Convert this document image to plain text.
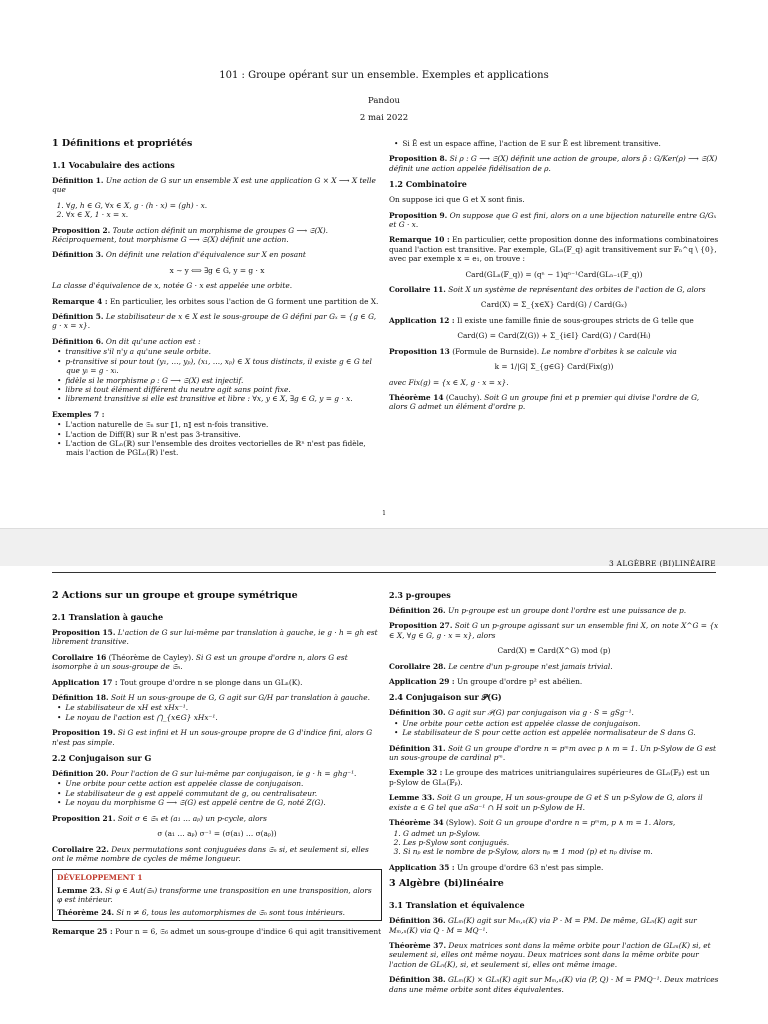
101 : Groupe opérant sur un ensemble. Exemples et applications
Pandou
2 mai 2022
1 Définitions et propriétés
1.1 Vocabulaire des actions

Définition 1. Une action de G sur un ensemble X est une application G × X ⟶ X telle que

1. ∀g, h ∈ G, ∀x ∈ X, g · (h · x) = (gh) · x.
2. ∀x ∈ X, 1 · x = x.

Proposition 2. Toute action définit un morphisme de groupes G ⟶ 𝔖(X). Réciproquement, tout morphisme G ⟶ 𝔖(X) définit une action.

Définition 3. On définit une relation d'équivalence sur X en posant

x ∼ y ⟺ ∃g ∈ G, y = g · x

La classe d'équivalence de x, notée G · x est appelée une orbite.

Remarque 4 : En particulier, les orbites sous l'action de G forment une partition de X.

Définition 5. Le stabilisateur de x ∈ X est le sous-groupe de G défini par Gₓ = {g ∈ G, g · x = x}.

Définition 6. On dit qu'une action est :

• transitive s'il n'y a qu'une seule orbite.
• p-transitive si pour tout (y₁, …, yₚ), (x₁, …, xₚ) ∈ X tous distincts, il existe g ∈ G tel que yᵢ = g · xᵢ.
• fidèle si le morphisme ρ : G ⟶ 𝔖(X) est injectif.
• libre si tout élément différent du neutre agit sans point fixe.
• librement transitive si elle est transitive et libre : ∀x, y ∈ X, ∃g ∈ G, y = g · x.

Exemples 7 :

• L'action naturelle de 𝔖ₙ sur ⟦1, n⟧ est n-fois transitive.
• L'action de Diff(ℝ) sur ℝ n'est pas 3-transitive.
• L'action de GLₙ(ℝ) sur l'ensemble des droites vectorielles de ℝⁿ n'est pas fidèle, mais l'action de PGLₙ(ℝ) l'est.
• Si Ē est un espace affine, l'action de E sur Ē est librement transitive.

Proposition 8. Si ρ : G ⟶ 𝔖(X) définit une action de groupe, alors ρ̄ : G/Ker(ρ) ⟶ 𝔖(X) définit une action appelée fidélisation de ρ.

1.2 Combinatoire

On suppose ici que G et X sont finis.

Proposition 9. On suppose que G est fini, alors on a une bijection naturelle entre G/Gₓ et G · x.

Remarque 10 : En particulier, cette proposition donne des informations combinatoires quand l'action est transitive. Par exemple, GLₙ(𝔽_q) agit transitivement sur 𝔽ₙ^q \ {0}, avec par exemple x = e₁, on trouve :

Card(GLₙ(𝔽_q)) = (qⁿ − 1)qⁿ⁻¹Card(GLₙ₋₁(𝔽_q))

Corollaire 11. Soit X un système de représentant des orbites de l'action de G, alors

Card(X) = Σ_{x∈X} Card(G) / Card(Gₓ)

Application 12 : Il existe une famille finie de sous-groupes stricts de G telle que

Card(G) = Card(Z(G)) + Σ_{i∈I} Card(G) / Card(Hᵢ)

Proposition 13 (Formule de Burnside). Le nombre d'orbites k se calcule via

k = 1/|G| Σ_{g∈G} Card(Fix(g))

avec Fix(g) = {x ∈ X, g · x = x}.

Théorème 14 (Cauchy). Soit G un groupe fini et p premier qui divise l'ordre de G, alors G admet un élément d'ordre p.

1
3 ALGÈBRE (BI)LINÉAIRE
2 Actions sur un groupe et groupe symétrique
2.1 Translation à gauche

Proposition 15. L'action de G sur lui-même par translation à gauche, ie g · h = gh est librement transitive.

Corollaire 16 (Théorème de Cayley). Si G est un groupe d'ordre n, alors G est isomorphe à un sous-groupe de 𝔖ₙ.

Application 17 : Tout groupe d'ordre n se plonge dans un GLₙ(K).

Définition 18. Soit H un sous-groupe de G, G agit sur G/H par translation à gauche.

• Le stabilisateur de xH est xHx⁻¹.
• Le noyau de l'action est ⋂_{x∈G} xHx⁻¹.

Proposition 19. Si G est infini et H un sous-groupe propre de G d'indice fini, alors G n'est pas simple.

2.2 Conjugaison sur G

Définition 20. Pour l'action de G sur lui-même par conjugaison, ie g · h = ghg⁻¹.

• Une orbite pour cette action est appelée classe de conjugaison.
• Le stabilisateur de g est appelé commutant de g, ou centralisateur.
• Le noyau du morphisme G ⟶ 𝔖(G) est appelé centre de G, noté Z(G).

Proposition 21. Soit σ ∈ 𝔖ₙ et (a₁ … aₚ) un p-cycle, alors

σ (a₁ … aₚ) σ⁻¹ = (σ(a₁) … σ(aₚ))

Corollaire 22. Deux permutations sont conjuguées dans 𝔖ₙ si, et seulement si, elles ont le même nombre de cycles de même longueur.

DÉVELOPPEMENT 1

Lemme 23. Si φ ∈ Aut(𝔖ₙ) transforme une transposition en une transposition, alors φ est intérieur.

Théorème 24. Si n ≠ 6, tous les automorphismes de 𝔖ₙ sont tous intérieurs.

Remarque 25 : Pour n = 6, 𝔖₆ admet un sous-groupe d'indice 6 qui agit transitivement

2.3 p-groupes

Définition 26. Un p-groupe est un groupe dont l'ordre est une puissance de p.

Proposition 27. Soit G un p-groupe agissant sur un ensemble fini X, on note X^G = {x ∈ X, ∀g ∈ G, g · x = x}, alors

Card(X) ≡ Card(X^G) mod (p)

Corollaire 28. Le centre d'un p-groupe n'est jamais trivial.

Application 29 : Un groupe d'ordre p² est abélien.

2.4 Conjugaison sur 𝒫(G)

Définition 30. G agit sur 𝒫(G) par conjugaison via g · S = gSg⁻¹.

• Une orbite pour cette action est appelée classe de conjugaison.
• Le stabilisateur de S pour cette action est appelée normalisateur de S dans G.

Définition 31. Soit G un groupe d'ordre n = pᵐm avec p ∧ m = 1. Un p-Sylow de G est un sous-groupe de cardinal pᵐ.

Exemple 32 : Le groupe des matrices unitriangulaires supérieures de GLₙ(𝔽ₚ) est un p-Sylow de GLₙ(𝔽ₚ).

Lemme 33. Soit G un groupe, H un sous-groupe de G et S un p-Sylow de G, alors il existe a ∈ G tel que aSa⁻¹ ∩ H soit un p-Sylow de H.

Théorème 34 (Sylow). Soit G un groupe d'ordre n = pᵐm, p ∧ m = 1. Alors,

1. G admet un p-Sylow.
2. Les p-Sylow sont conjugués.
3. Si nₚ est le nombre de p-Sylow, alors nₚ ≡ 1 mod (p) et nₚ divise m.

Application 35 : Un groupe d'ordre 63 n'est pas simple.

3 Algèbre (bi)linéaire
3.1 Translation et équivalence

Définition 36. GLₘ(K) agit sur Mₘ,ₙ(K) via P · M = PM. De même, GLₙ(K) agit sur Mₘ,ₙ(K) via Q · M = MQ⁻¹.

Théorème 37. Deux matrices sont dans la même orbite pour l'action de GLₘ(K) si, et seulement si, elles ont même noyau. Deux matrices sont dans la même orbite pour l'action de GLₙ(K), si, et seulement si, elles ont même image.

Définition 38. GLₘ(K) × GLₙ(K) agit sur Mₘ,ₙ(K) via (P, Q) · M = PMQ⁻¹. Deux matrices dans une même orbite sont dites équivalentes.
